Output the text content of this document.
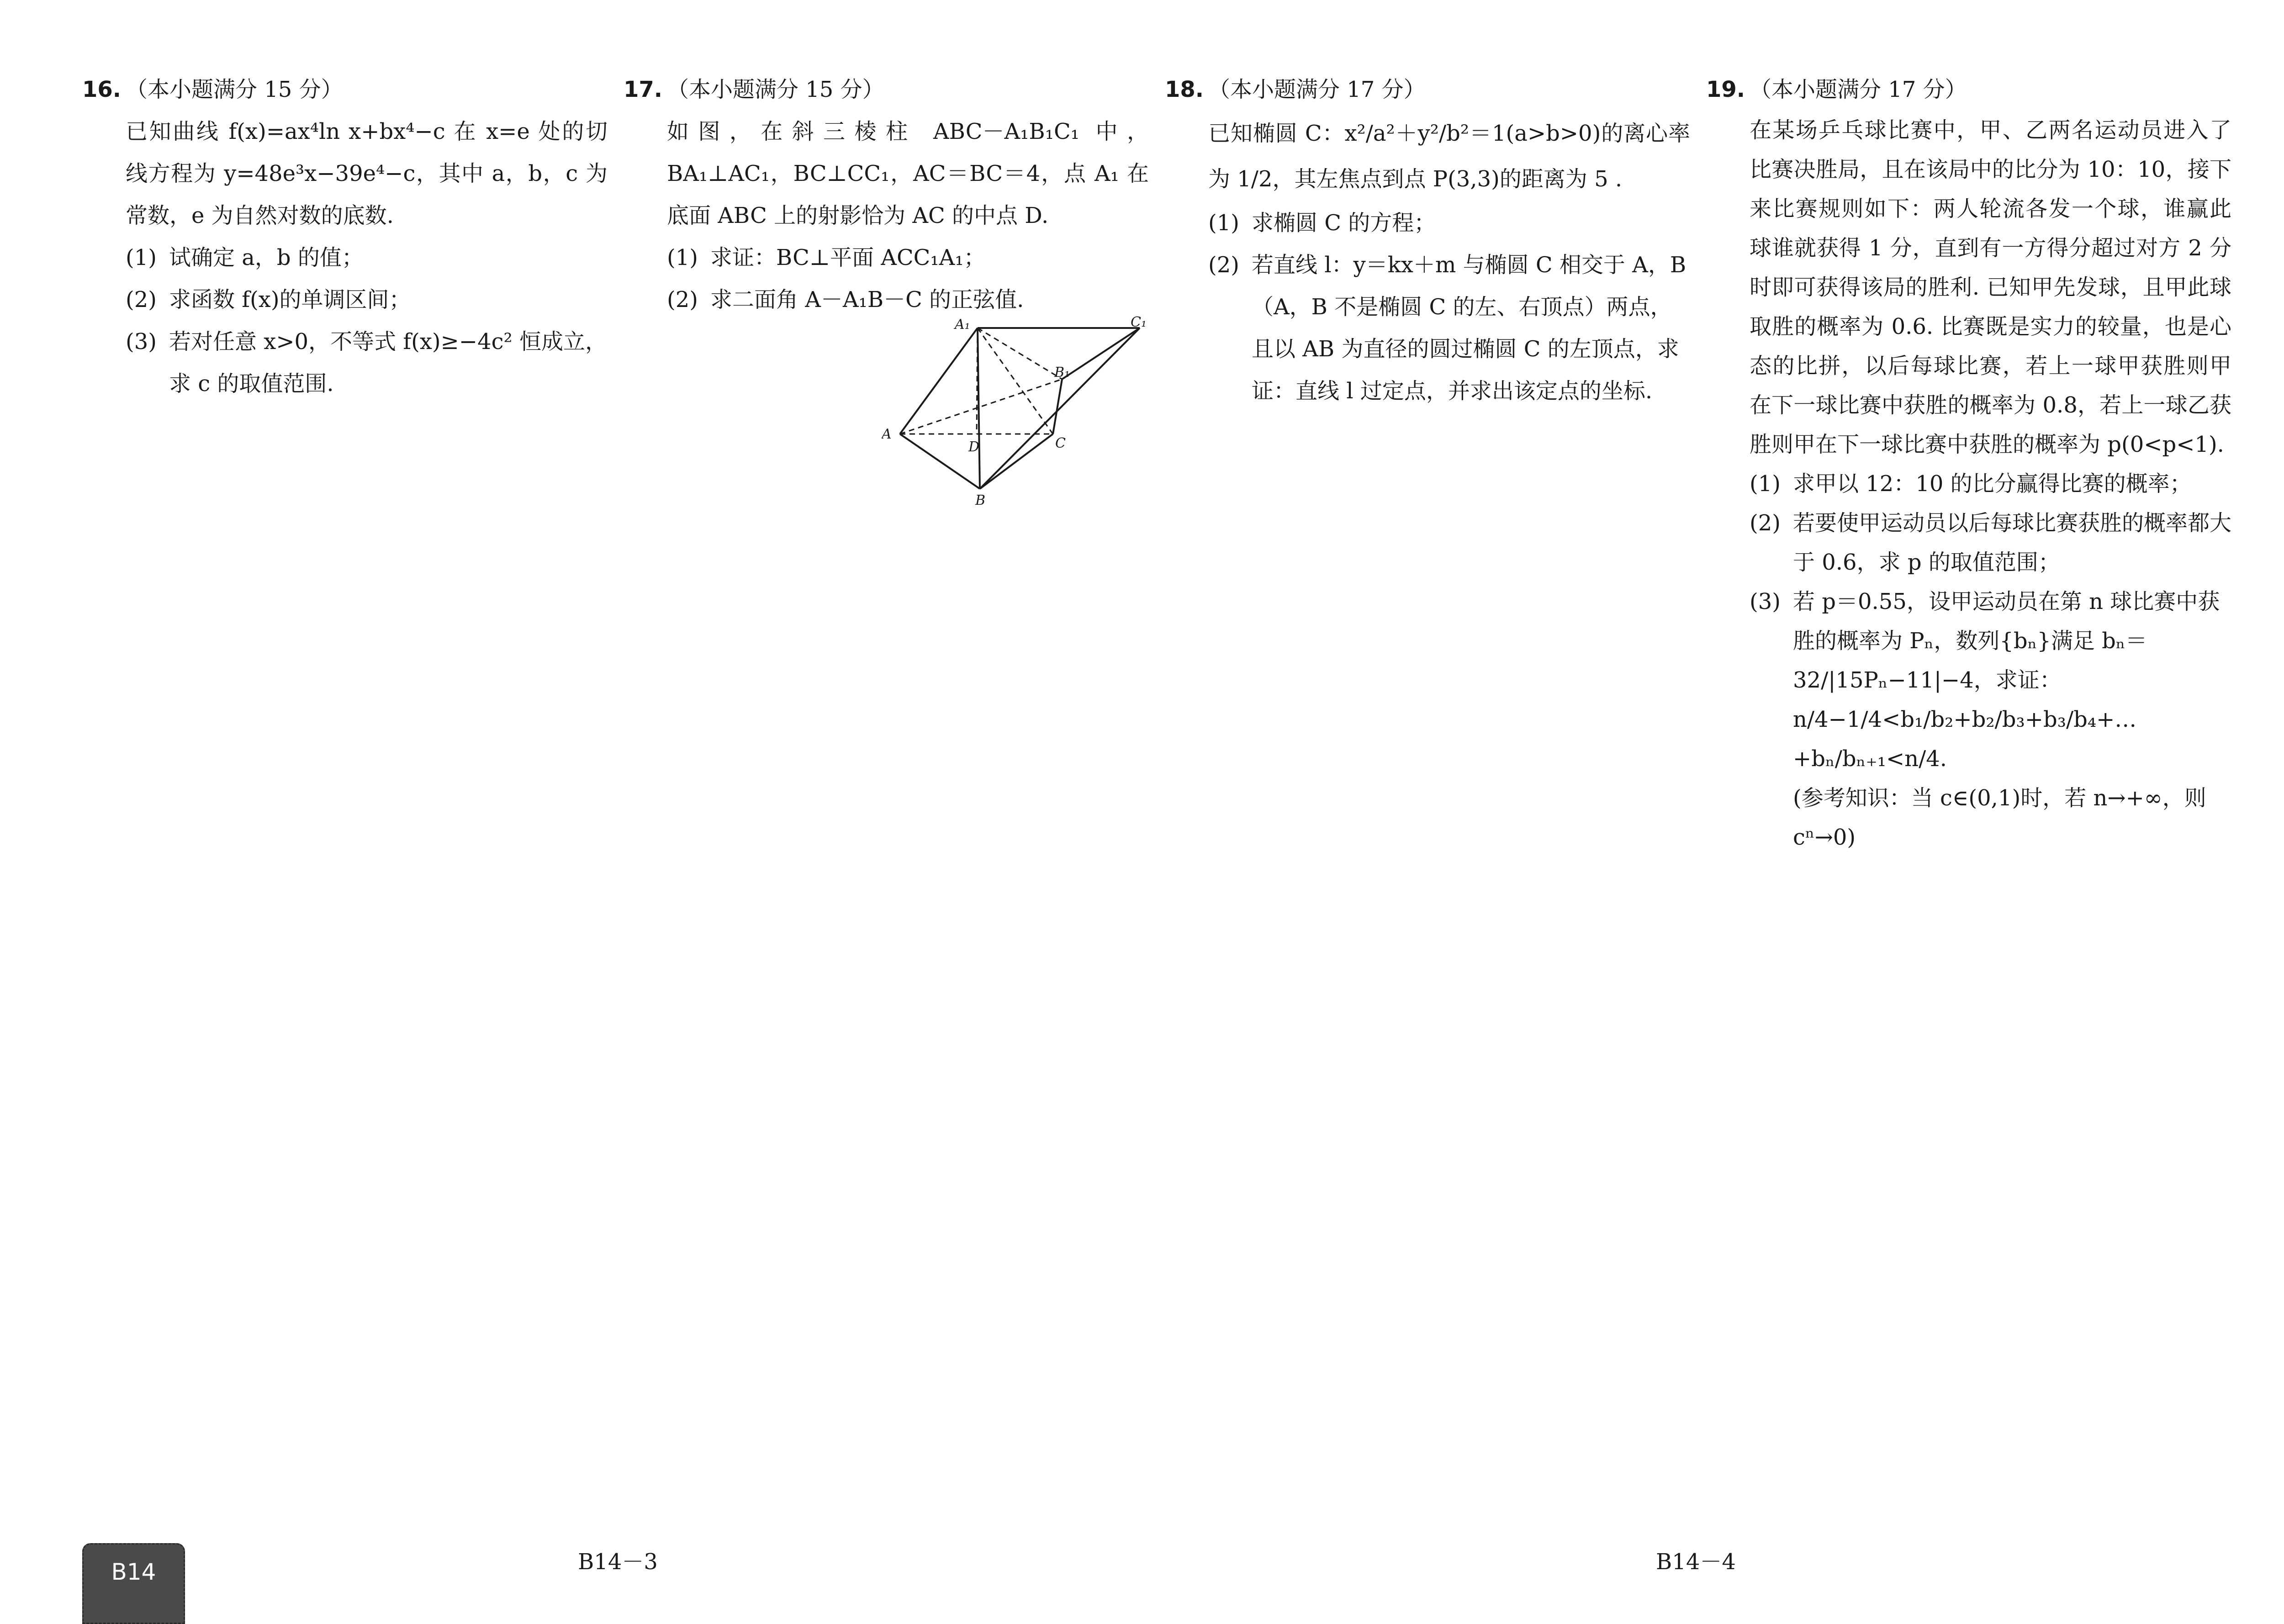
16. （本小题满分 15 分）
已知曲线 f(x)=ax⁴ln x+bx⁴−c 在 x=e 处的切线方程为 y=48e³x−39e⁴−c，其中 a，b，c 为常数，e 为自然对数的底数.
(1) 试确定 a，b 的值；
(2) 求函数 f(x)的单调区间；
(3) 若对任意 x>0，不等式 f(x)≥−4c² 恒成立，求 c 的取值范围.
17. （本小题满分 15 分）
如图，在斜三棱柱 ABC－A₁B₁C₁ 中，BA₁⊥AC₁，BC⊥CC₁，AC＝BC＝4，点 A₁ 在底面 ABC 上的射影恰为 AC 的中点 D.
(1) 求证：BC⊥平面 ACC₁A₁；
(2) 求二面角 A－A₁B－C 的正弦值.
A₁	C₁
B₁
A
D	C
B
18. （本小题满分 17 分）
已知椭圆 C：x²/a²＋y²/b²＝1(a>b>0)的离心率为 1/2，其左焦点到点 P(3,3)的距离为 5 .
(1) 求椭圆 C 的方程；
(2) 若直线 l：y＝kx＋m 与椭圆 C 相交于 A，B（A，B 不是椭圆 C 的左、右顶点）两点，且以 AB 为直径的圆过椭圆 C 的左顶点，求证：直线 l 过定点，并求出该定点的坐标.
19. （本小题满分 17 分）
在某场乒乓球比赛中，甲、乙两名运动员进入了比赛决胜局，且在该局中的比分为 10：10，接下来比赛规则如下：两人轮流各发一个球，谁赢此球谁就获得 1 分，直到有一方得分超过对方 2 分时即可获得该局的胜利. 已知甲先发球，且甲此球取胜的概率为 0.6. 比赛既是实力的较量，也是心态的比拼，以后每球比赛，若上一球甲获胜则甲在下一球比赛中获胜的概率为 0.8，若上一球乙获胜则甲在下一球比赛中获胜的概率为 p(0<p<1).
(1) 求甲以 12：10 的比分赢得比赛的概率；
(2) 若要使甲运动员以后每球比赛获胜的概率都大于 0.6，求 p 的取值范围；
(3) 若 p＝0.55，设甲运动员在第 n 球比赛中获胜的概率为 Pₙ，数列{bₙ}满足 bₙ＝32/|15Pₙ−11|−4，求证：n/4−1/4<b₁/b₂+b₂/b₃+b₃/b₄+…+bₙ/bₙ₊₁<n/4.
(参考知识：当 c∈(0,1)时，若 n→+∞，则 cⁿ→0)
B14	B14－3	B14－4
